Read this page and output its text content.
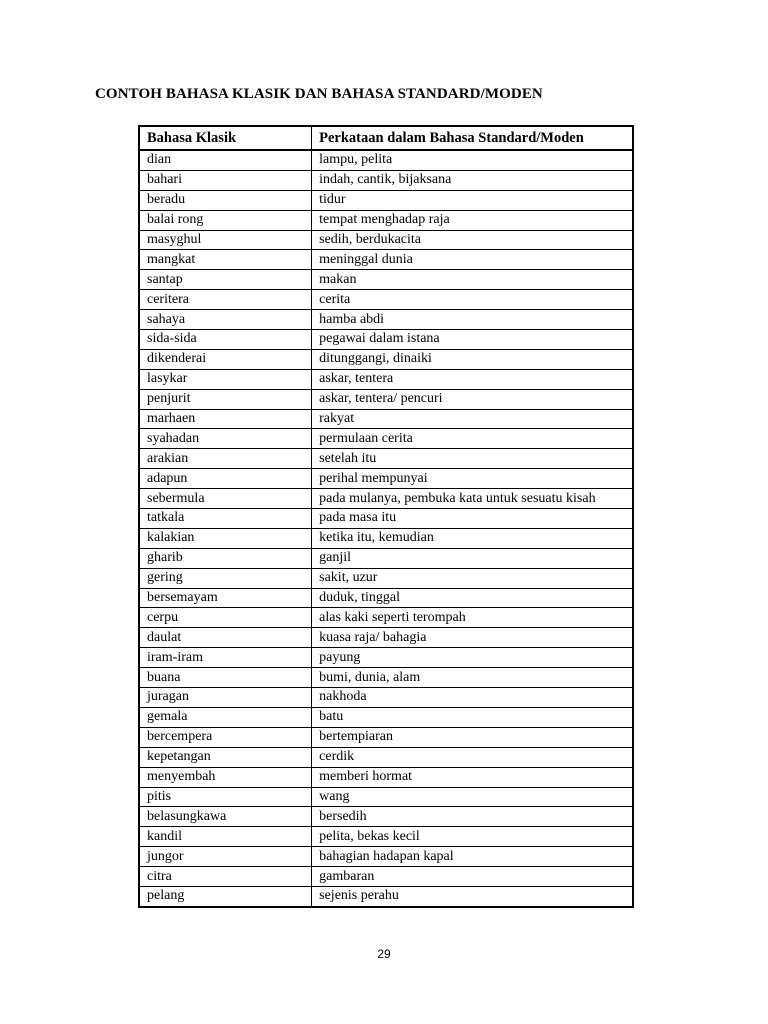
CONTOH BAHASA KLASIK DAN BAHASA STANDARD/MODEN
Bahasa Klasik	Perkataan dalam Bahasa Standard/Moden
dian	lampu, pelita
bahari	indah, cantik, bijaksana
beradu	tidur
balai rong	tempat menghadap raja
masyghul	sedih, berdukacita
mangkat	meninggal dunia
santap	makan
ceritera	cerita
sahaya	hamba abdi
sida-sida	pegawai dalam istana
dikenderai	ditunggangi, dinaiki
lasykar	askar, tentera
penjurit	askar, tentera/ pencuri
marhaen	rakyat
syahadan	permulaan cerita
arakian	setelah itu
adapun	perihal mempunyai
sebermula	pada mulanya, pembuka kata untuk sesuatu kisah
tatkala	pada masa itu
kalakian	ketika itu, kemudian
gharib	ganjil
gering	sakit, uzur
bersemayam	duduk, tinggal
cerpu	alas kaki seperti terompah
daulat	kuasa raja/ bahagia
iram-iram	payung
buana	bumi, dunia, alam
juragan	nakhoda
gemala	batu
bercempera	bertempiaran
kepetangan	cerdik
menyembah	memberi hormat
pitis	wang
belasungkawa	bersedih
kandil	pelita, bekas kecil
jungor	bahagian hadapan kapal
citra	gambaran
pelang	sejenis perahu
29
